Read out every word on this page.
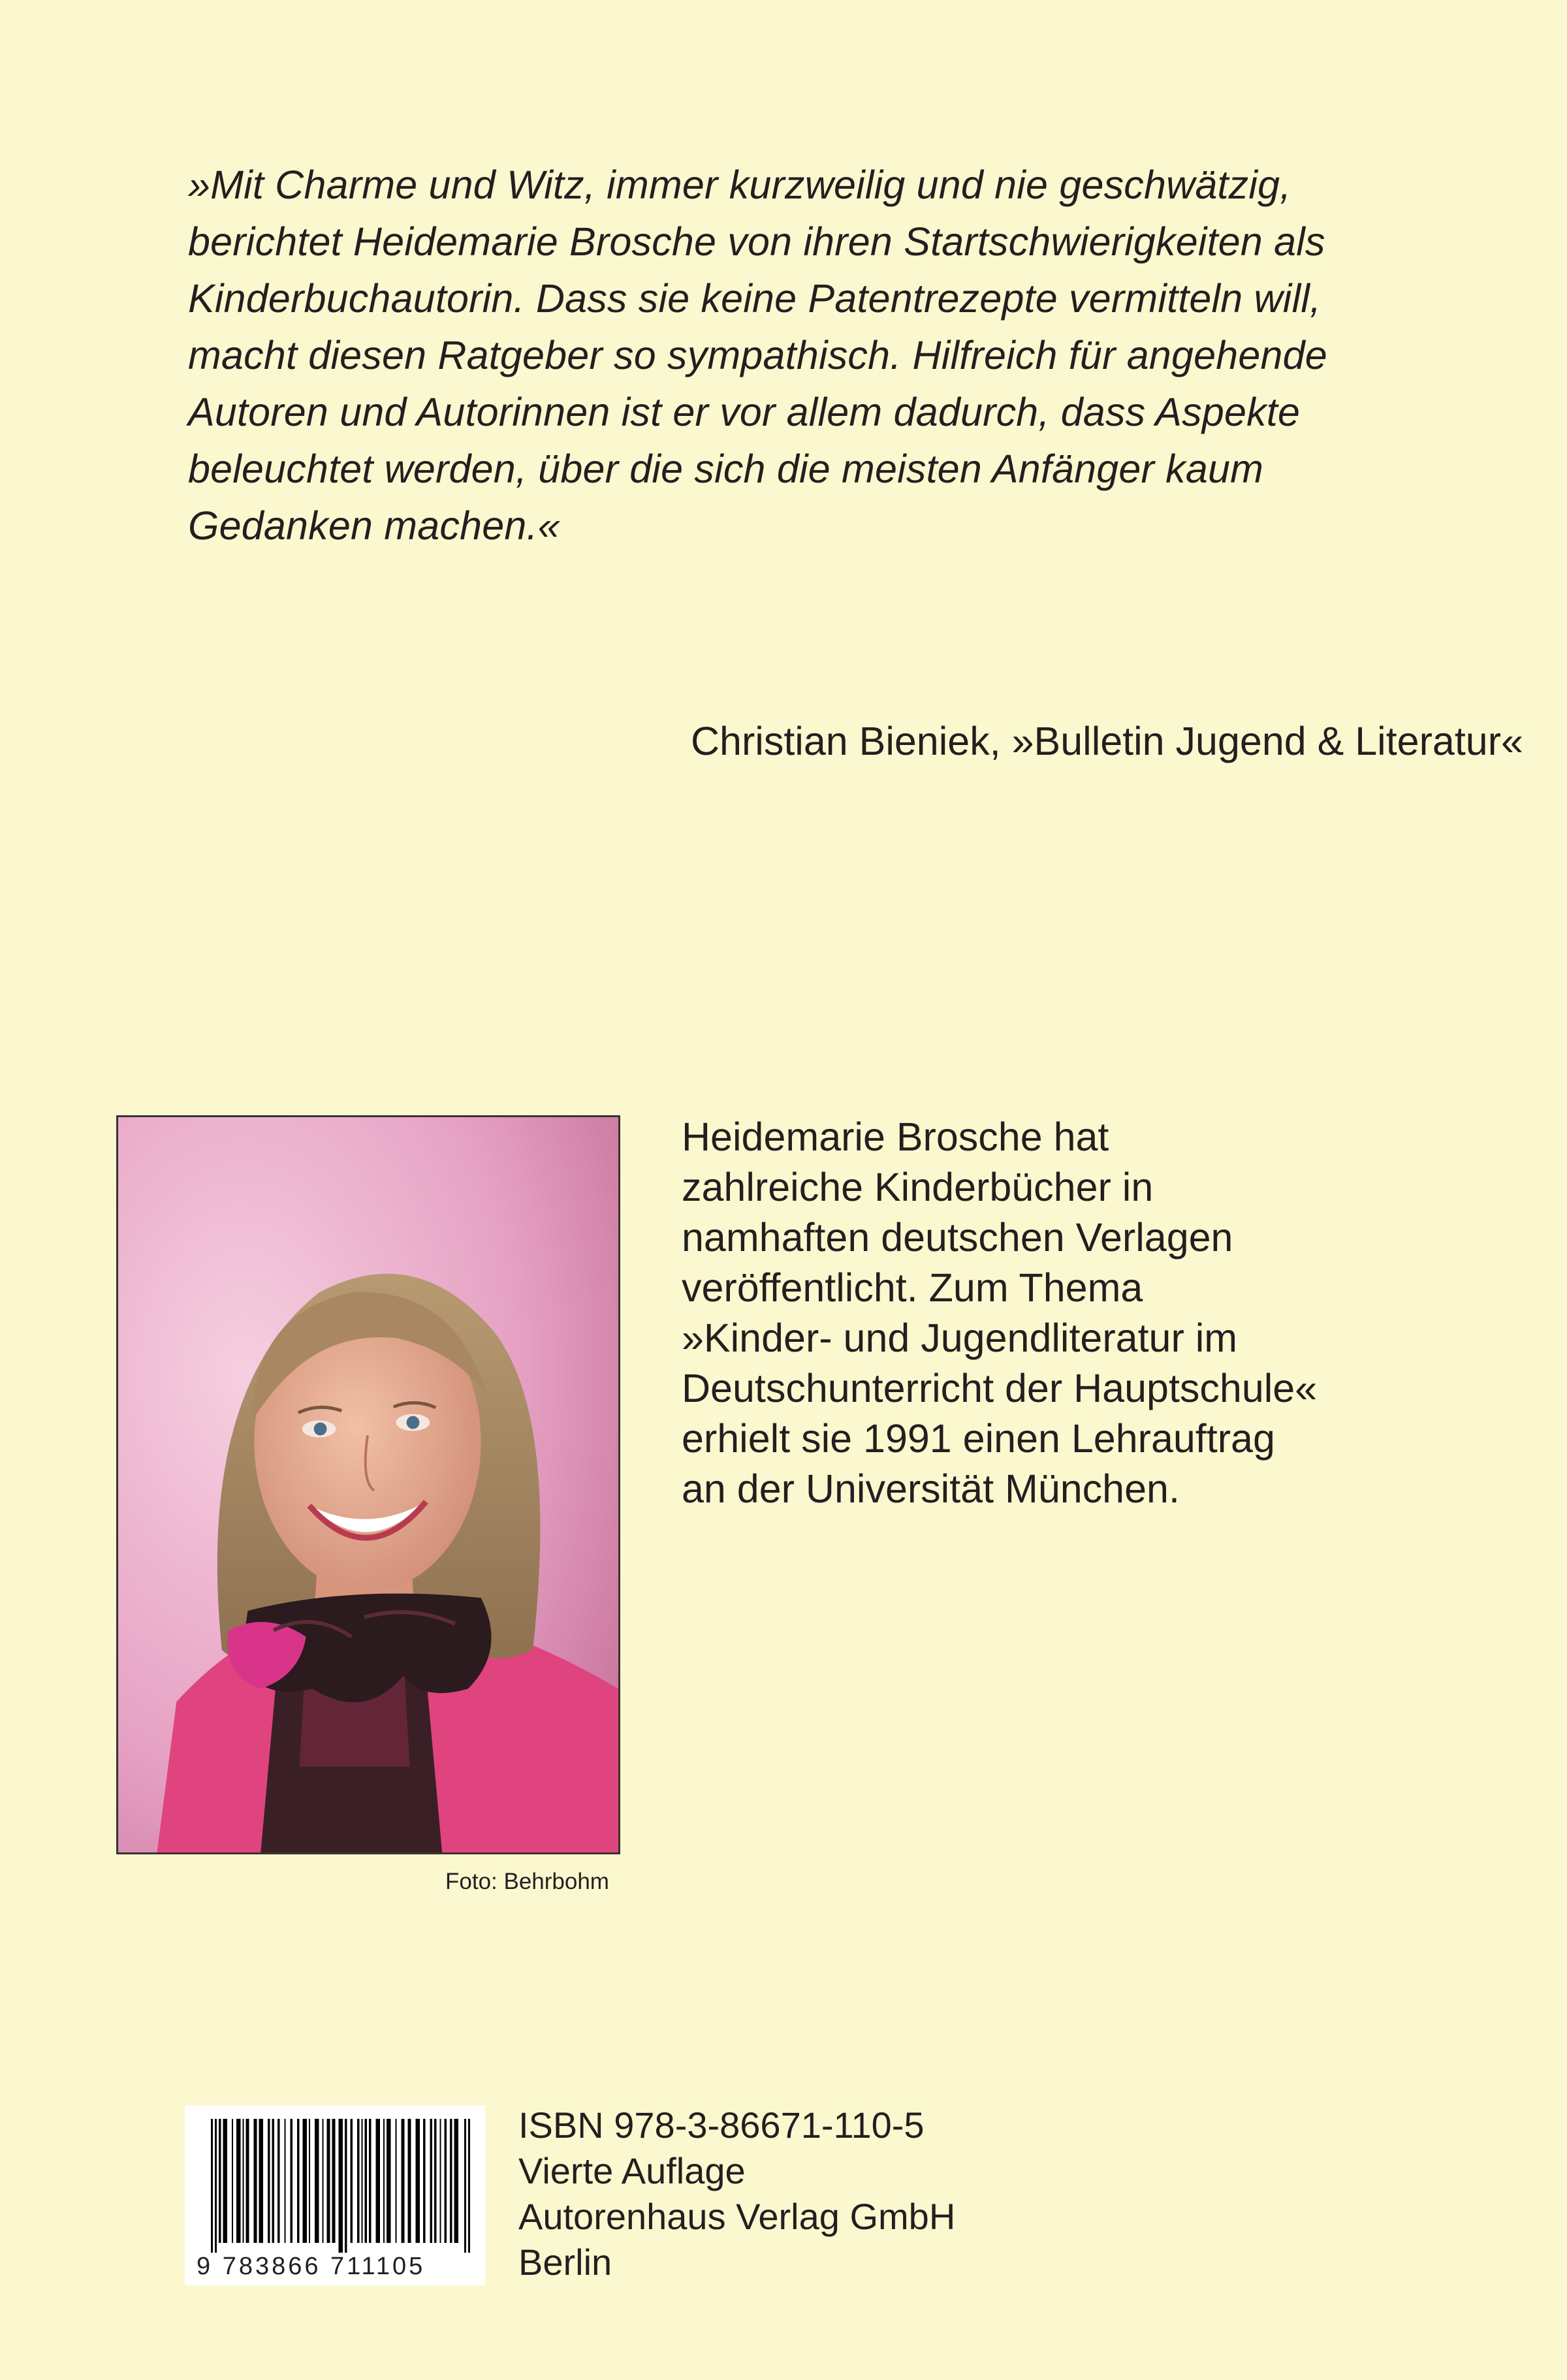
»Mit Charme und Witz, immer kurzweilig und nie geschwätzig,
berichtet Heidemarie Brosche von ihren Startschwierigkeiten als
Kinderbuchautorin. Dass sie keine Patentrezepte vermitteln will,
macht diesen Ratgeber so sympathisch. Hilfreich für angehende
Autoren und Autorinnen ist er vor allem dadurch, dass Aspekte
beleuchtet werden, über die sich die meisten Anfänger kaum
Gedanken machen.«

Christian Bieniek, »Bulletin Jugend & Literatur«
Foto: Behrbohm
Heidemarie Brosche hat
zahlreiche Kinderbücher in
namhaften deutschen Verlagen
veröffentlicht. Zum Thema
»Kinder- und Jugendliteratur im
Deutschunterricht der Hauptschule«
erhielt sie 1991 einen Lehrauftrag
an der Universität München.
9 783866 711105
ISBN 978-3-86671-110-5
Vierte Auflage
Autorenhaus Verlag GmbH
Berlin
